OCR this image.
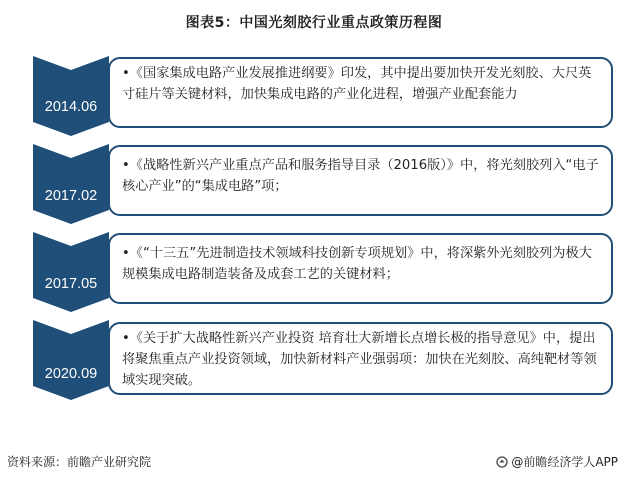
图表5：中国光刻胶行业重点政策历程图
2014.06
•《国家集成电路产业发展推进纲要》印发，其中提出要加快开发光刻胶、大尺英寸硅片等关键材料，加快集成电路的产业化进程，增强产业配套能力
2017.02
•《战略性新兴产业重点产品和服务指导目录（2016版）》中，将光刻胶列入“电子核心产业”的“集成电路”项；
2017.05
•《“十三五”先进制造技术领域科技创新专项规划》中，将深紫外光刻胶列为极大规模集成电路制造装备及成套工艺的关键材料；
2020.09
•《关于扩大战略性新兴产业投资 培育壮大新增长点增长极的指导意见》中，提出将聚焦重点产业投资领域，加快新材料产业强弱项：加快在光刻胶、高纯靶材等领域实现突破。
资料来源：前瞻产业研究院	@前瞻经济学人APP
